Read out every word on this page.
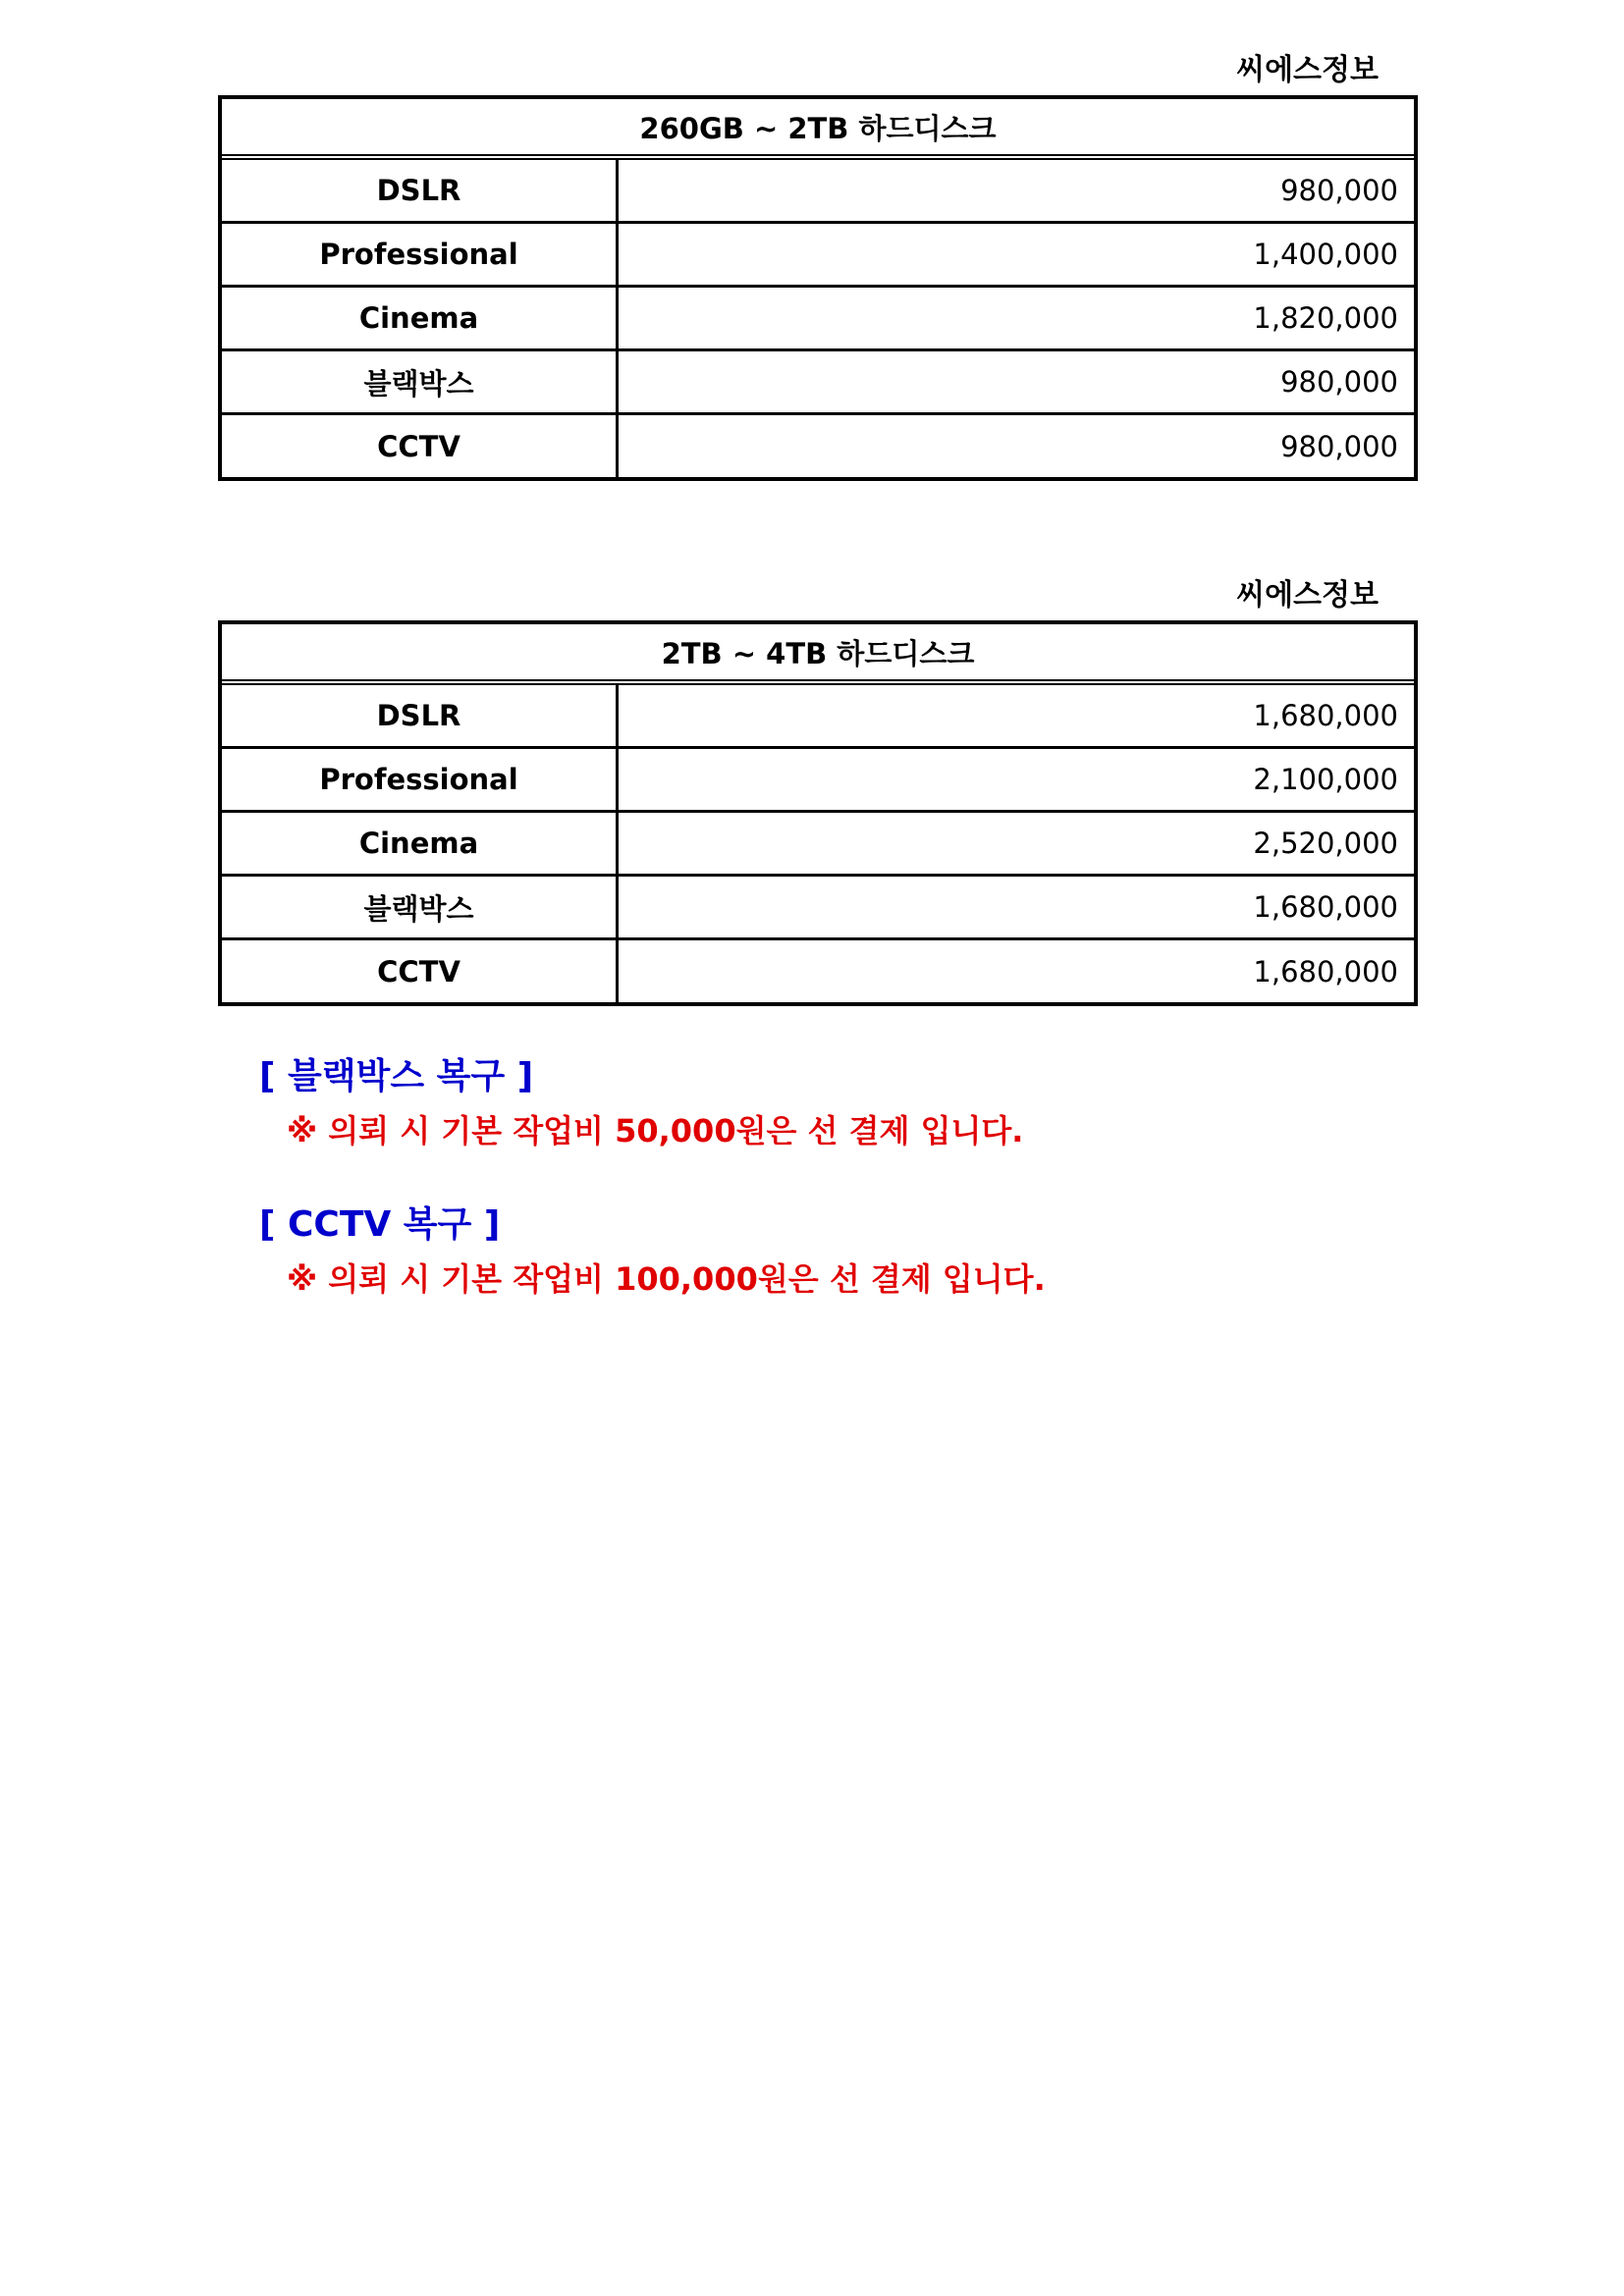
씨에스정보
260GB ~ 2TB 하드디스크
DSLR	980,000
Professional	1,400,000
Cinema	1,820,000
블랙박스	980,000
CCTV	980,000
씨에스정보
2TB ~ 4TB 하드디스크
DSLR	1,680,000
Professional	2,100,000
Cinema	2,520,000
블랙박스	1,680,000
CCTV	1,680,000
[ 블랙박스 복구 ]
※ 의뢰 시 기본 작업비 50,000원은 선 결제 입니다.
[ CCTV 복구 ]
※ 의뢰 시 기본 작업비 100,000원은 선 결제 입니다.
